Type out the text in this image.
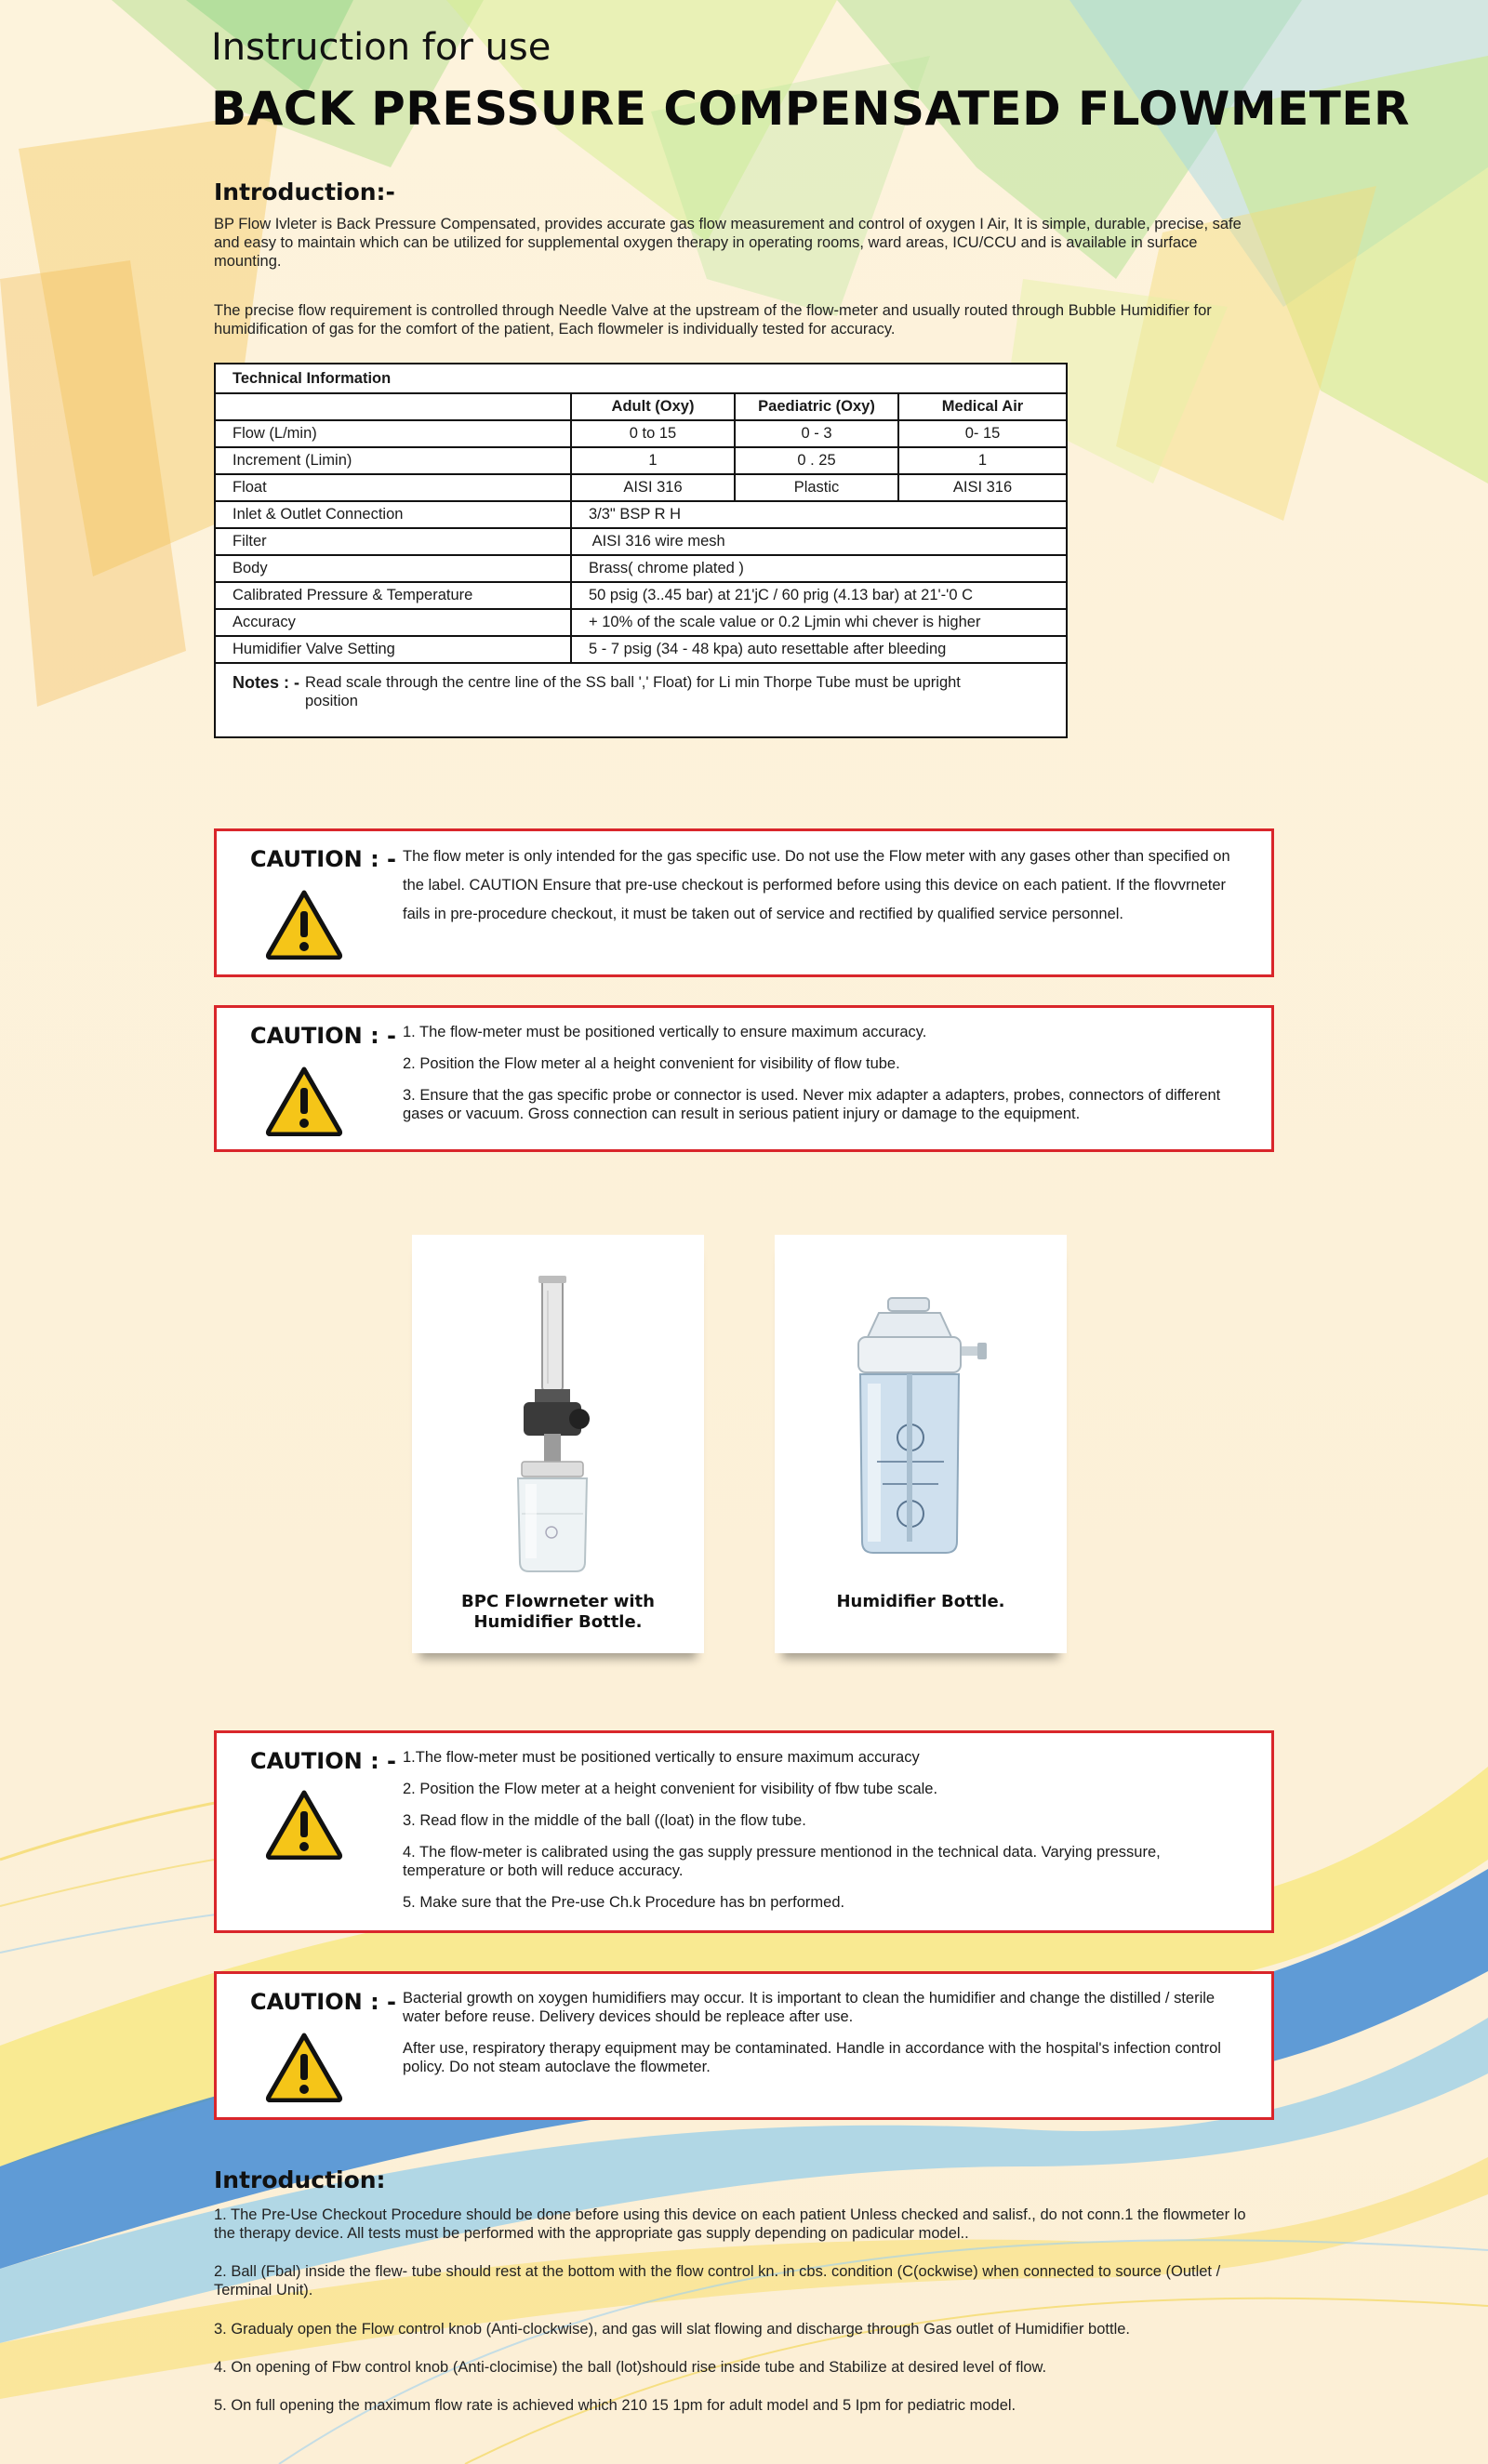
Instruction for use
BACK PRESSURE COMPENSATED FLOWMETER
Introduction:-
BP Flow Ivleter is Back Pressure Compensated, provides accurate gas flow measurement and control of oxygen I Air, It is simple, durable, precise, safe and easy to maintain which can be utilized for supplemental oxygen therapy in operating rooms, ward areas, ICU/CCU and is available in surface mounting.
The precise flow requirement is controlled through Needle Valve at the upstream of the flow-meter and usually routed through Bubble Humidifier for humidification of gas for the comfort of the patient, Each flowmeler is individually tested for accuracy.
Technical Information			
	Adult (Oxy)	Paediatric (Oxy)	Medical Air
Flow (L/min)	0 to 15	0 - 3	0- 15
Increment (Limin)	1	0 . 25	1
Float	AISI 316	Plastic	AISI 316
Inlet & Outlet Connection	3/3" BSP R H		
Filter	AISI 316 wire mesh		
Body	Brass( chrome plated )		
Calibrated Pressure & Temperature	50 psig (3..45 bar) at 21'jC / 60 prig (4.13 bar) at 21'-'0 C		
Accuracy	+ 10% of the scale value or 0.2 Ljmin whi chever is higher		
Humidifier Valve Setting	5 - 7 psig (34 - 48 kpa) auto resettable after bleeding		
Notes : - Read scale through the centre line of the SS ball ',' Float) for Li min Thorpe Tube must be upright position
CAUTION : - The flow meter is only intended for the gas specific use. Do not use the Flow meter with any gases other than specified on the label. CAUTION Ensure that pre-use checkout is performed before using this device on each patient. If the flovvrneter fails in pre-procedure checkout, it must be taken out of service and rectified by qualified service personnel.

CAUTION : - 1. The flow-meter must be positioned vertically to ensure maximum accuracy.

2. Position the Flow meter al a height convenient for visibility of flow tube.

3. Ensure that the gas specific probe or connector is used. Never mix adapter a adapters, probes, connectors of different gases or vacuum. Gross connection can result in serious patient injury or damage to the equipment.

BPC Flowrneter with Humidifier Bottle.
Humidifier Bottle.
CAUTION : - 1.The flow-meter must be positioned vertically to ensure maximum accuracy

2. Position the Flow meter at a height convenient for visibility of fbw tube scale.

3. Read flow in the middle of the ball ((loat) in the flow tube.

4. The flow-meter is calibrated using the gas supply pressure mentionod in the technical data. Varying pressure, temperature or both will reduce accuracy.

5. Make sure that the Pre-use Ch.k Procedure has bn performed.

CAUTION : - Bacterial growth on xoygen humidifiers may occur. It is important to clean the humidifier and change the distilled / sterile water before reuse. Delivery devices should be repleace after use.

After use, respiratory therapy equipment may be contaminated. Handle in accordance with the hospital's infection control policy. Do not steam autoclave the flowmeter.

Introduction:
1. The Pre-Use Checkout Procedure should be done before using this device on each patient Unless checked and salisf., do not conn.1 the flowmeter lo the therapy device. All tests must be performed with the appropriate gas supply depending on padicular model..
2. Ball (Fbal) inside the flew- tube should rest at the bottom with the flow control kn. in cbs. condition (C(ockwise) when connected to source (Outlet / Terminal Unit).
3. Gradualy open the Flow control knob (Anti-clockwise), and gas will slat flowing and discharge through Gas outlet of Humidifier bottle.
4. On opening of Fbw control knob (Anti-clocimise) the ball (lot)should rise inside tube and Stabilize at desired level of flow.
5. On full opening the maximum flow rate is achieved which 210 15 1pm for adult model and 5 Ipm for pediatric model.
